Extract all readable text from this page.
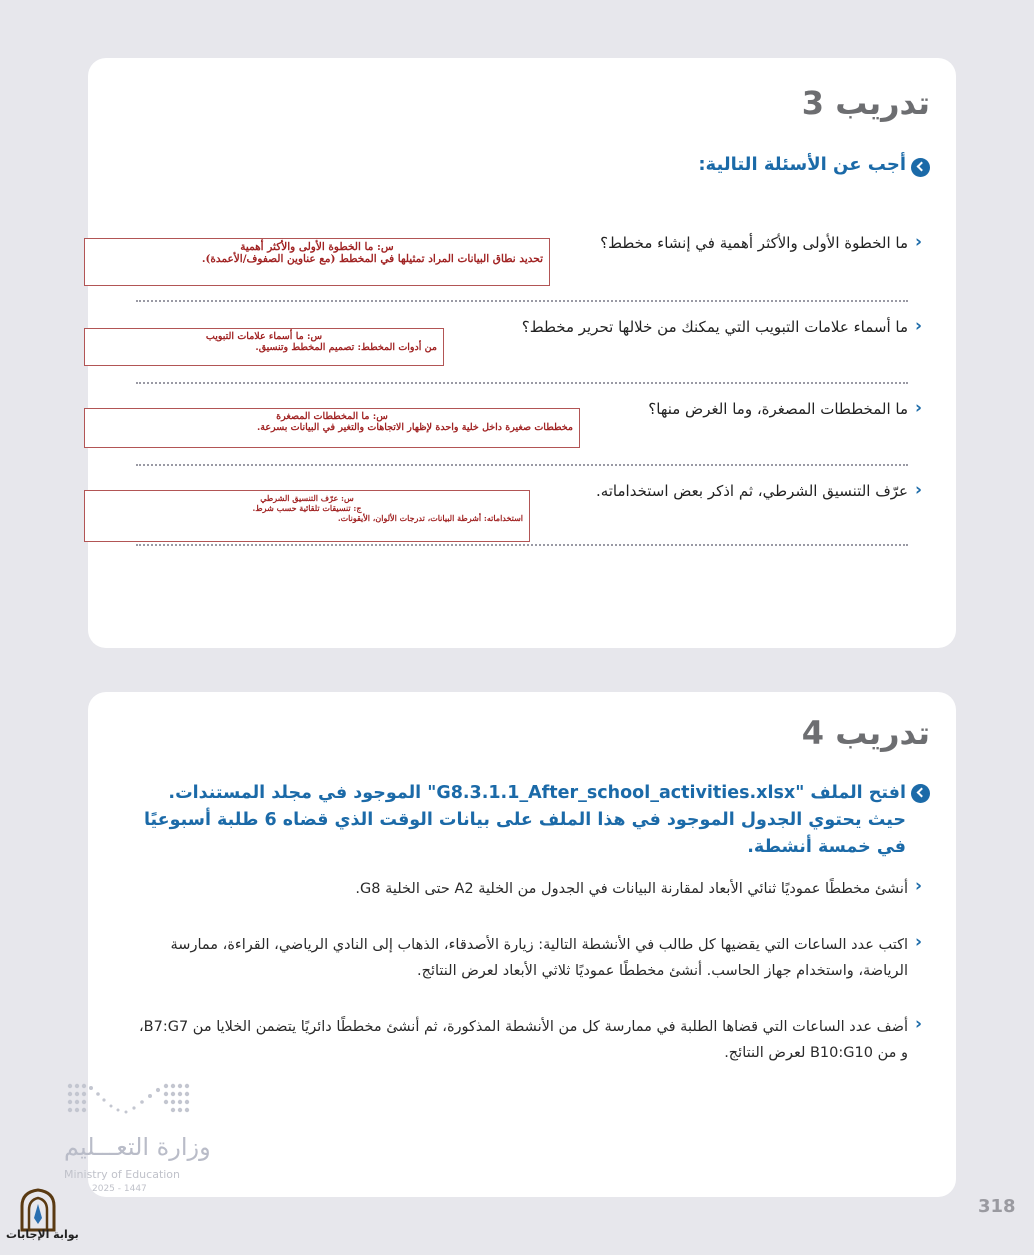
تدريب 3
أجب عن الأسئلة التالية:
›
ما الخطوة الأولى والأكثر أهمية في إنشاء مخطط؟
س: ما الخطوة الأولى والأكثر أهمية
تحديد نطاق البيانات المراد تمثيلها في المخطط (مع عناوين الصفوف/الأعمدة).
›
ما أسماء علامات التبويب التي يمكنك من خلالها تحرير مخطط؟
س: ما أسماء علامات التبويب
من أدوات المخطط: تصميم المخطط وتنسيق.
›
ما المخططات المصغرة، وما الغرض منها؟
س: ما المخططات المصغرة
مخططات صغيرة داخل خلية واحدة لإظهار الاتجاهات والتغير في البيانات بسرعة.
›
عرّف التنسيق الشرطي، ثم اذكر بعض استخداماته.
س: عرّف التنسيق الشرطي
ج: تنسيقات تلقائية حسب شرط.
استخداماته: أشرطة البيانات، تدرجات الألوان، الأيقونات.
تدريب 4
افتح الملف "G8.3.1.1_After_school_activities.xlsx" الموجود في مجلد المستندات. حيث يحتوي الجدول الموجود في هذا الملف على بيانات الوقت الذي قضاه 6 طلبة أسبوعيًا في خمسة أنشطة.
›
أنشئ مخططًا عموديًا ثنائي الأبعاد لمقارنة البيانات في الجدول من الخلية A2 حتى الخلية G8.
›
اكتب عدد الساعات التي يقضيها كل طالب في الأنشطة التالية: زيارة الأصدقاء، الذهاب إلى النادي الرياضي، القراءة، ممارسة الرياضة، واستخدام جهاز الحاسب. أنشئ مخططًا عموديًا ثلاثي الأبعاد لعرض النتائج.
›
أضف عدد الساعات التي قضاها الطلبة في ممارسة كل من الأنشطة المذكورة، ثم أنشئ مخططًا دائريًا يتضمن الخلايا من B7:G7، و من B10:G10 لعرض النتائج.
وزارة التعـــليم
Ministry of Education
2025 - 1447
بوابة الإجابات
318
